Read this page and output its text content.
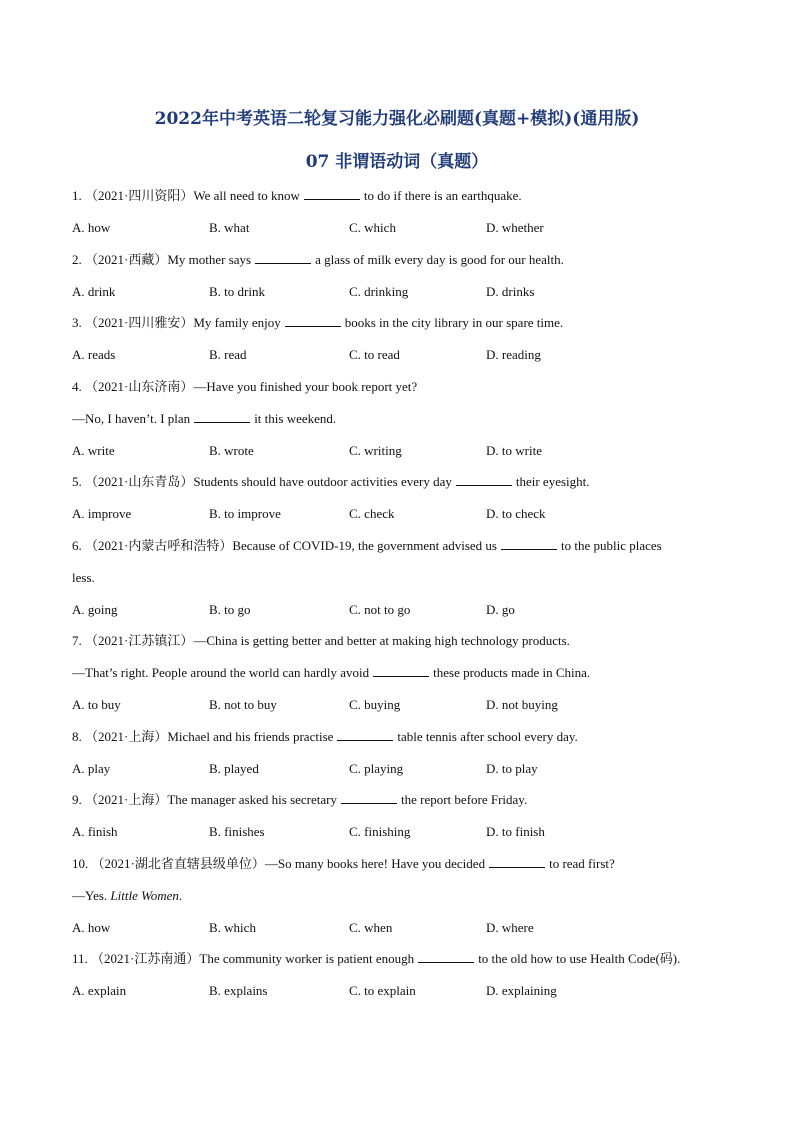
2022年中考英语二轮复习能力强化必刷题(真题+模拟)(通用版)
07 非谓语动词（真题）
1. （2021·四川资阳）We all need to know	to do if there is an earthquake.
A. how	B. what	C. which	D. whether
2. （2021·西藏）My mother says	a glass of milk every day is good for our health.
A. drink	B. to drink	C. drinking	D. drinks
3. （2021·四川雅安）My family enjoy	books in the city library in our spare time.
A. reads	B. read	C. to read	D. reading
4. （2021·山东济南）—Have you finished your book report yet?
—No, I haven’t. I plan	it this weekend.
A. write	B. wrote	C. writing	D. to write
5. （2021·山东青岛）Students should have outdoor activities every day	their eyesight.
A. improve	B. to improve	C. check	D. to check
6. （2021·内蒙古呼和浩特）Because of COVID-19, the government advised us	to the public places
less.
A. going	B. to go	C. not to go	D. go
7. （2021·江苏镇江）—China is getting better and better at making high technology products.
—That’s right. People around the world can hardly avoid	these products made in China.
A. to buy	B. not to buy	C. buying	D. not buying
8. （2021·上海）Michael and his friends practise	table tennis after school every day.
A. play	B. played	C. playing	D. to play
9. （2021·上海）The manager asked his secretary	the report before Friday.
A. finish	B. finishes	C. finishing	D. to finish
10. （2021·湖北省直辖县级单位）—So many books here! Have you decided	to read first?
—Yes. Little Women.
A. how	B. which	C. when	D. where
11. （2021·江苏南通）The community worker is patient enough	to the old how to use Health Code(码).
A. explain	B. explains	C. to explain	D. explaining
